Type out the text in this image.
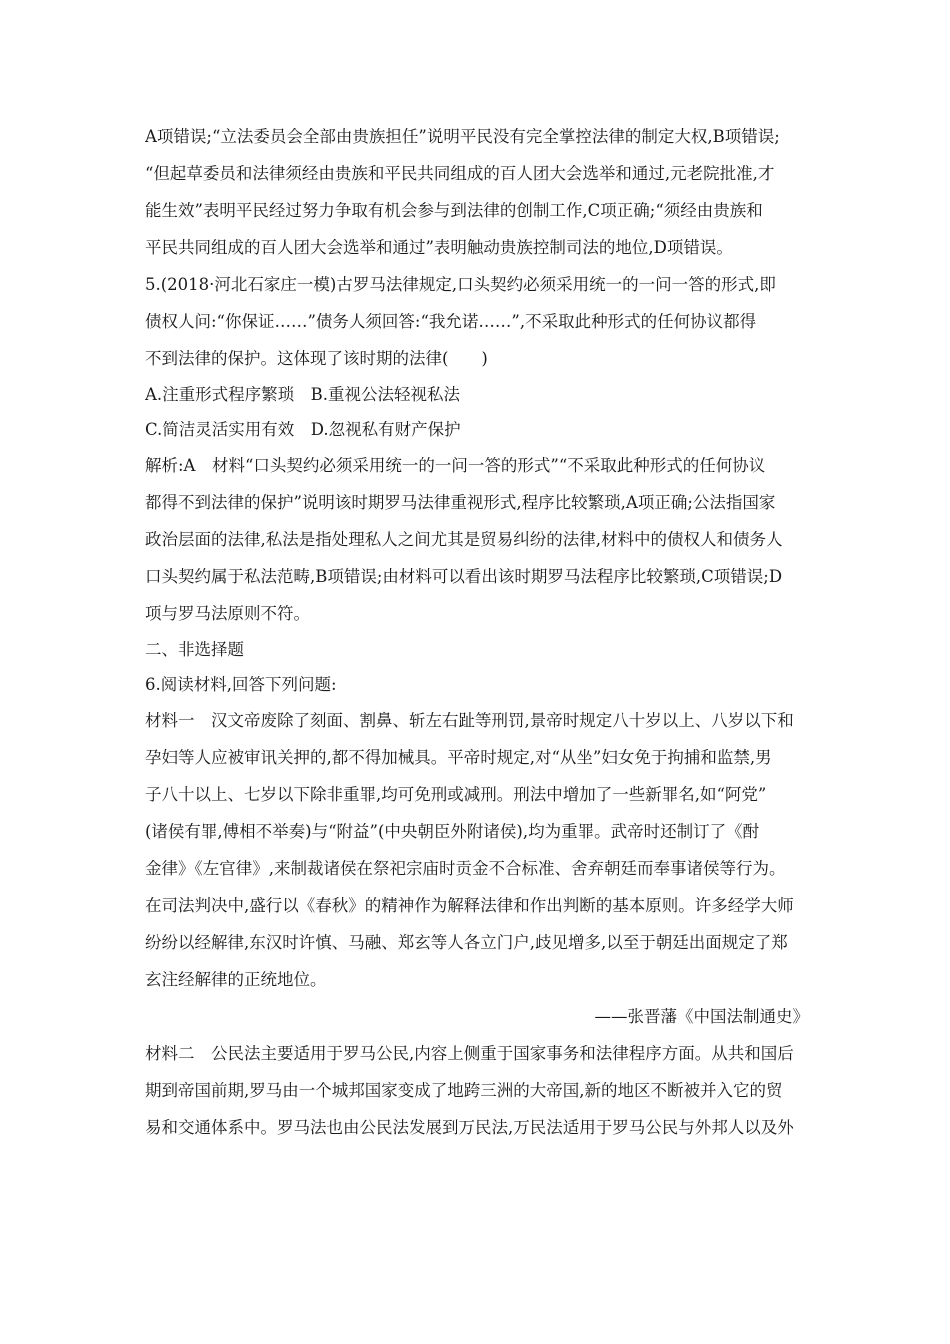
A项错误;“立法委员会全部由贵族担任”说明平民没有完全掌控法律的制定大权,B项错误;
“但起草委员和法律须经由贵族和平民共同组成的百人团大会选举和通过,元老院批准,才
能生效”表明平民经过努力争取有机会参与到法律的创制工作,C项正确;“须经由贵族和
平民共同组成的百人团大会选举和通过”表明触动贵族控制司法的地位,D项错误。
5.(2018·河北石家庄一模)古罗马法律规定,口头契约必须采用统一的一问一答的形式,即
债权人问:“你保证……”债务人须回答:“我允诺……”,不采取此种形式的任何协议都得
不到法律的保护。这体现了该时期的法律(　　)
A.注重形式程序繁琐　B.重视公法轻视私法
C.简洁灵活实用有效　D.忽视私有财产保护
解析:A　材料“口头契约必须采用统一的一问一答的形式”“不采取此种形式的任何协议
都得不到法律的保护”说明该时期罗马法律重视形式,程序比较繁琐,A项正确;公法指国家
政治层面的法律,私法是指处理私人之间尤其是贸易纠纷的法律,材料中的债权人和债务人
口头契约属于私法范畴,B项错误;由材料可以看出该时期罗马法程序比较繁琐,C项错误;D
项与罗马法原则不符。
二、非选择题
6.阅读材料,回答下列问题:
材料一　汉文帝废除了刻面、割鼻、斩左右趾等刑罚,景帝时规定八十岁以上、八岁以下和
孕妇等人应被审讯关押的,都不得加械具。平帝时规定,对“从坐”妇女免于拘捕和监禁,男
子八十以上、七岁以下除非重罪,均可免刑或减刑。刑法中增加了一些新罪名,如“阿党”
(诸侯有罪,傅相不举奏)与“附益”(中央朝臣外附诸侯),均为重罪。武帝时还制订了《酎
金律》《左官律》,来制裁诸侯在祭祀宗庙时贡金不合标准、舍弃朝廷而奉事诸侯等行为。
在司法判决中,盛行以《春秋》的精神作为解释法律和作出判断的基本原则。许多经学大师
纷纷以经解律,东汉时许慎、马融、郑玄等人各立门户,歧见增多,以至于朝廷出面规定了郑
玄注经解律的正统地位。
——张晋藩《中国法制通史》
材料二　公民法主要适用于罗马公民,内容上侧重于国家事务和法律程序方面。从共和国后
期到帝国前期,罗马由一个城邦国家变成了地跨三洲的大帝国,新的地区不断被并入它的贸
易和交通体系中。罗马法也由公民法发展到万民法,万民法适用于罗马公民与外邦人以及外
